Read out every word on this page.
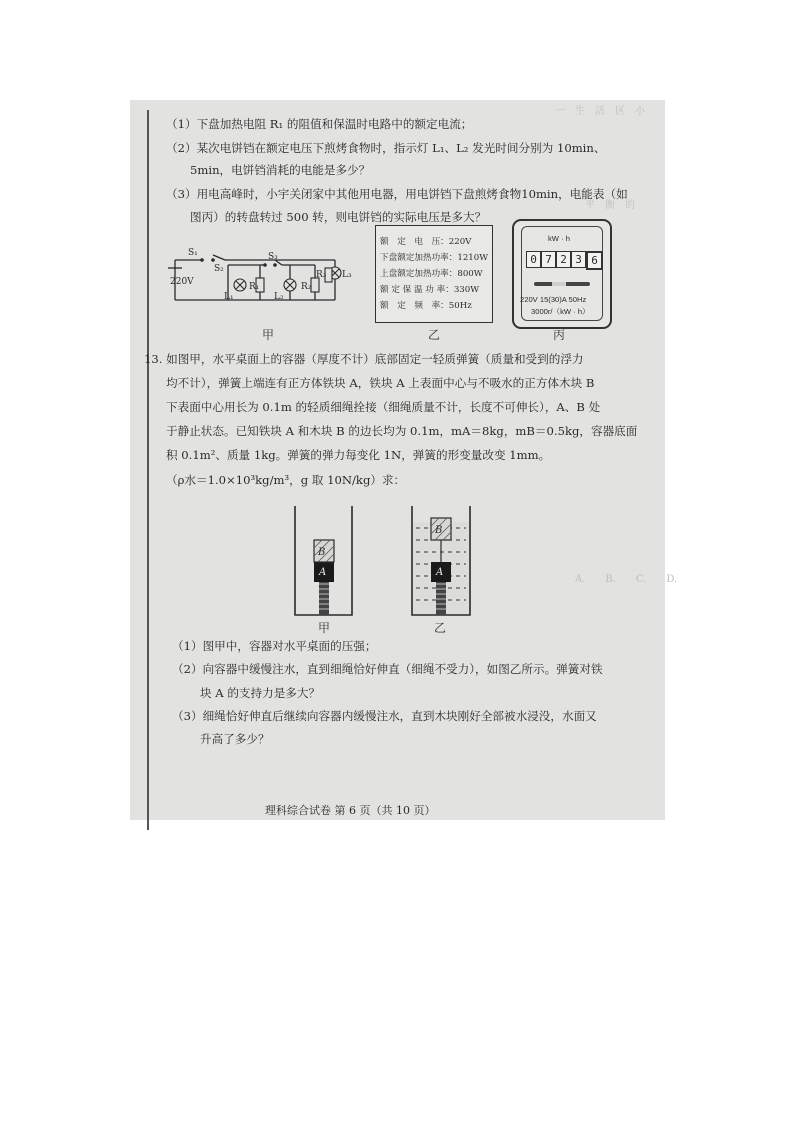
一　生　活　区　小
平　衡　的
A.　　B.　　C.　　D.
（1）下盘加热电阻 R₁ 的阻值和保温时电路中的额定电流；
（2）某次电饼铛在额定电压下煎烤食物时，指示灯 L₁、L₂ 发光时间分别为 10min、
5min，电饼铛消耗的电能是多少？
（3）用电高峰时，小宇关闭家中其他用电器，用电饼铛下盘煎烤食物10min，电能表（如
图丙）的转盘转过 500 转，则电饼铛的实际电压是多大？
S₁
S₂
S₃
220V
L₁
R₁
L₂
R₂
R₃ L₃
甲
额　定　电　压：220V
下盘额定加热功率：1210W
上盘额定加热功率：800W
额 定 保 温 功 率：330W
额　定　频　率：50Hz
乙
kW · h
0 7 2 3 6
220V 15(30)A 50Hz
3000r/（kW · h）
丙
13. 如图甲，水平桌面上的容器（厚度不计）底部固定一轻质弹簧（质量和受到的浮力
均不计），弹簧上端连有正方体铁块 A，铁块 A 上表面中心与不吸水的正方体木块 B
下表面中心用长为 0.1m 的轻质细绳拴接（细绳质量不计，长度不可伸长），A、B 处
于静止状态。已知铁块 A 和木块 B 的边长均为 0.1m，mA＝8kg，mB＝0.5kg，容器底面
积 0.1m²、质量 1kg。弹簧的弹力每变化 1N，弹簧的形变量改变 1mm。
（ρ水＝1.0×10³kg/m³，g 取 10N/kg）求：
B
A
B
A
甲	乙
（1）图甲中，容器对水平桌面的压强；
（2）向容器中缓慢注水，直到细绳恰好伸直（细绳不受力），如图乙所示。弹簧对铁
块 A 的支持力是多大？
（3）细绳恰好伸直后继续向容器内缓慢注水，直到木块刚好全部被水浸没，水面又
升高了多少？
理科综合试卷 第 6 页（共 10 页）
